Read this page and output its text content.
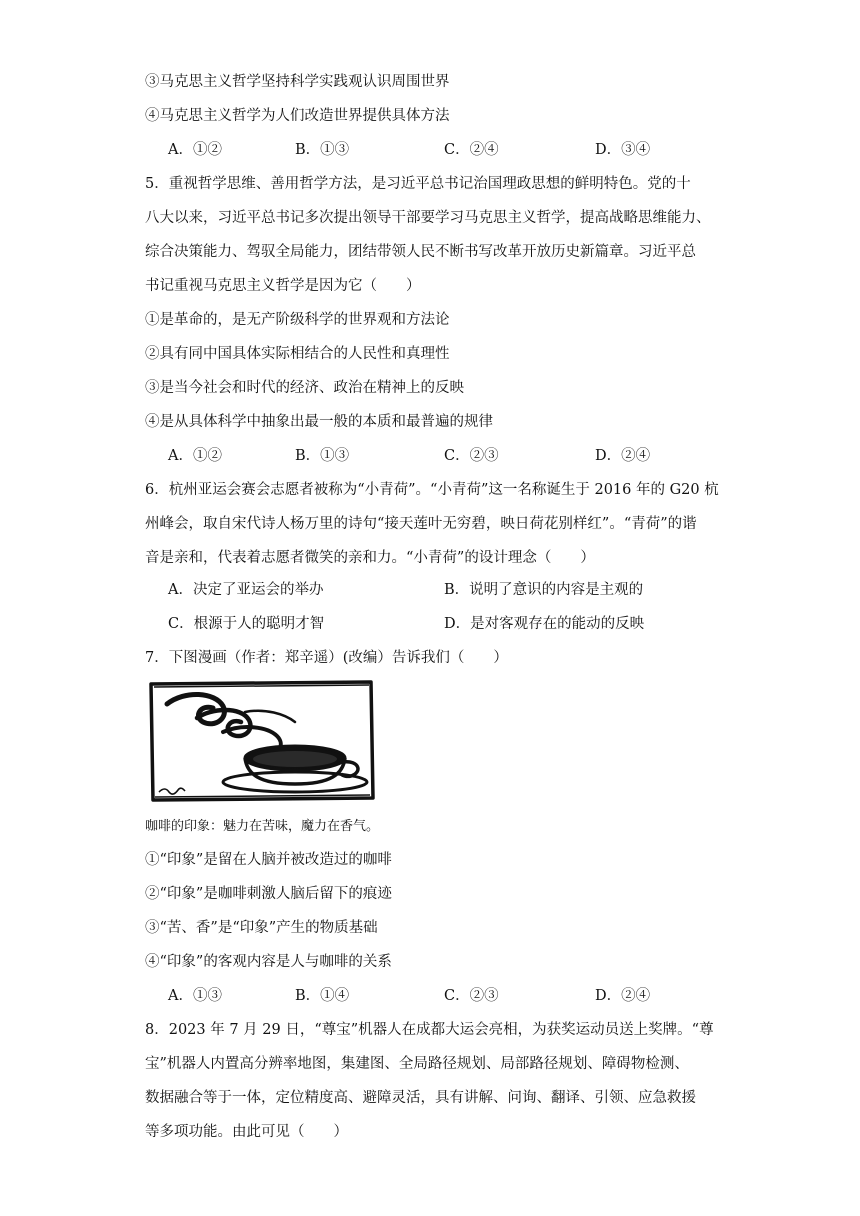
③马克思主义哲学坚持科学实践观认识周围世界
④马克思主义哲学为人们改造世界提供具体方法
A．①②	B．①③	C．②④	D．③④
5．重视哲学思维、善用哲学方法，是习近平总书记治国理政思想的鲜明特色。党的十
八大以来，习近平总书记多次提出领导干部要学习马克思主义哲学，提高战略思维能力、
综合决策能力、驾驭全局能力，团结带领人民不断书写改革开放历史新篇章。习近平总
书记重视马克思主义哲学是因为它（　　）
①是革命的，是无产阶级科学的世界观和方法论
②具有同中国具体实际相结合的人民性和真理性
③是当今社会和时代的经济、政治在精神上的反映
④是从具体科学中抽象出最一般的本质和最普遍的规律
A．①②	B．①③	C．②③	D．②④
6．杭州亚运会赛会志愿者被称为“小青荷”。“小青荷”这一名称诞生于 2016 年的 G20 杭
州峰会，取自宋代诗人杨万里的诗句“接天莲叶无穷碧，映日荷花别样红”。“青荷”的谐
音是亲和，代表着志愿者微笑的亲和力。“小青荷”的设计理念（　　）
A．决定了亚运会的举办	B．说明了意识的内容是主观的
C．根源于人的聪明才智	D．是对客观存在的能动的反映
7．下图漫画（作者：郑辛遥）(改编）告诉我们（　　）
咖啡的印象：魅力在苦味，魔力在香气。
①“印象”是留在人脑并被改造过的咖啡
②“印象”是咖啡刺激人脑后留下的痕迹
③“苦、香”是“印象”产生的物质基础
④“印象”的客观内容是人与咖啡的关系
A．①③	B．①④	C．②③	D．②④
8．2023 年 7 月 29 日，“尊宝”机器人在成都大运会亮相，为获奖运动员送上奖牌。“尊
宝”机器人内置高分辨率地图，集建图、全局路径规划、局部路径规划、障碍物检测、
数据融合等于一体，定位精度高、避障灵活，具有讲解、问询、翻译、引领、应急救援
等多项功能。由此可见（　　）
